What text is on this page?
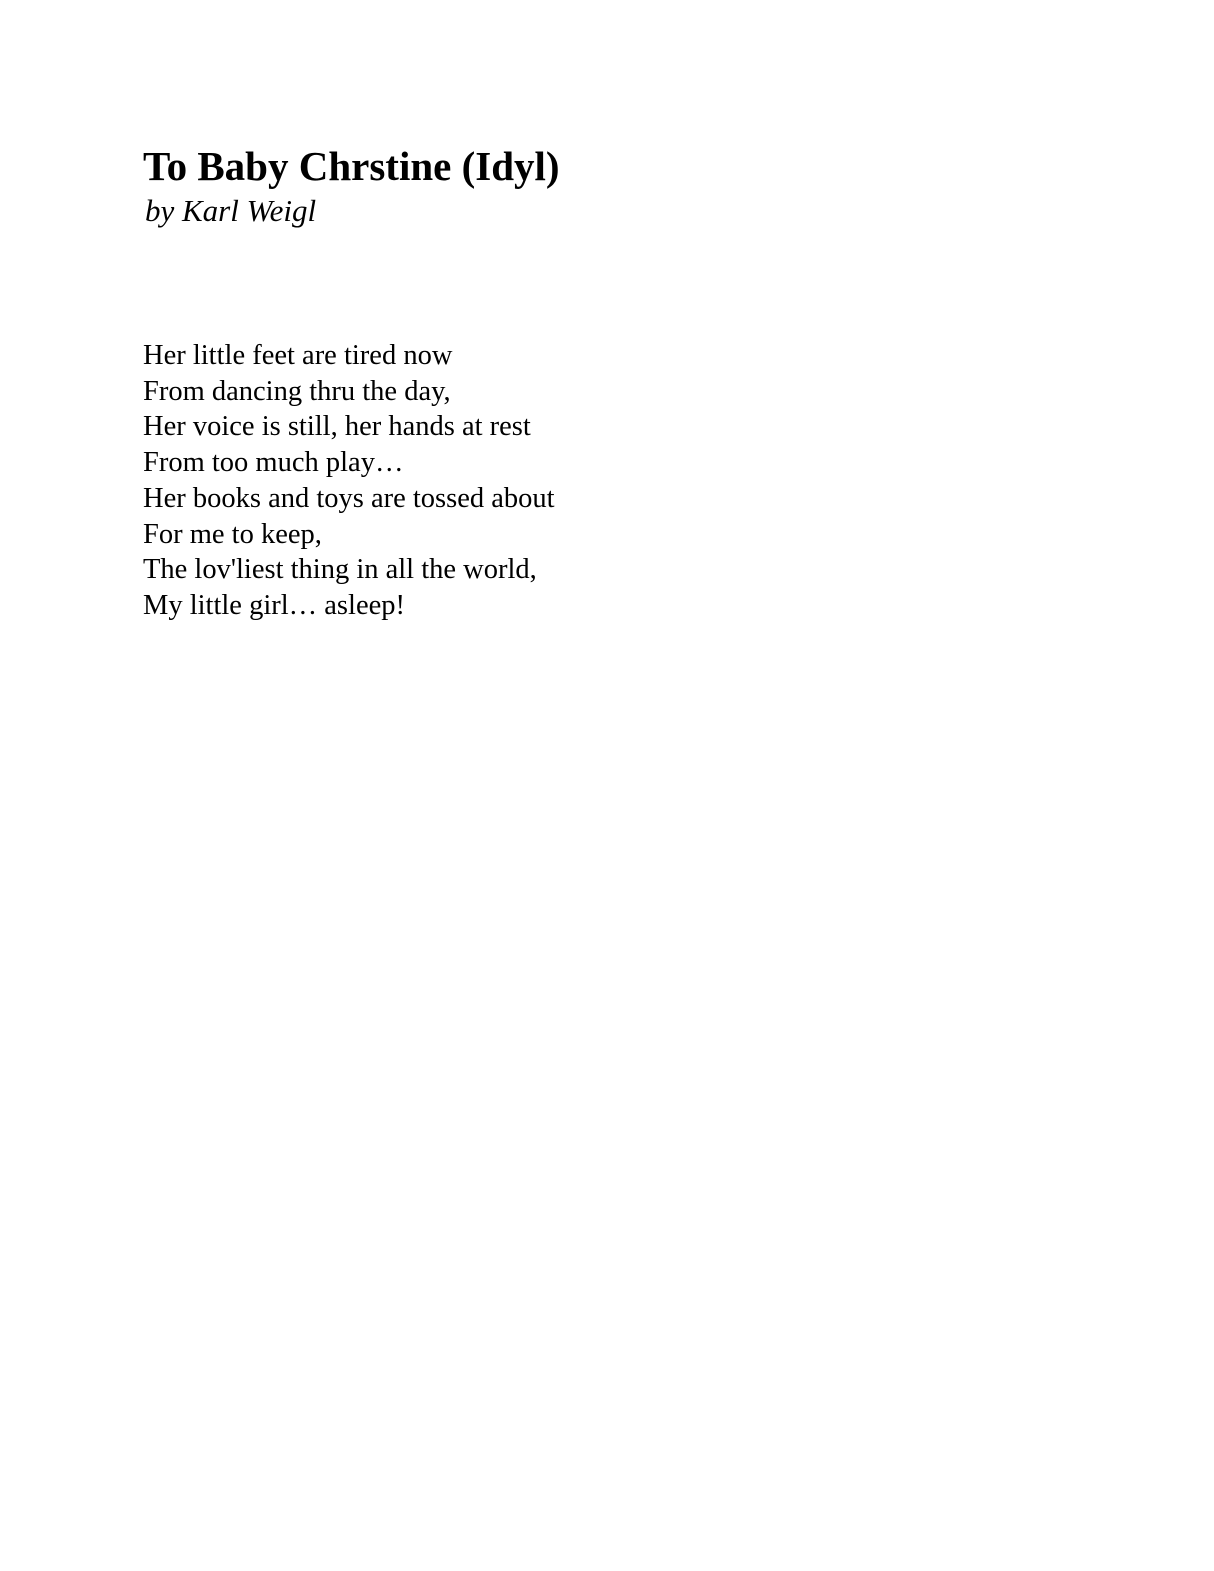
To Baby Chrstine (Idyl)

by Karl Weigl

Her little feet are tired now
From dancing thru the day,
Her voice is still, her hands at rest
From too much play…
Her books and toys are tossed about
For me to keep,
The lov'liest thing in all the world,
My little girl… asleep!
